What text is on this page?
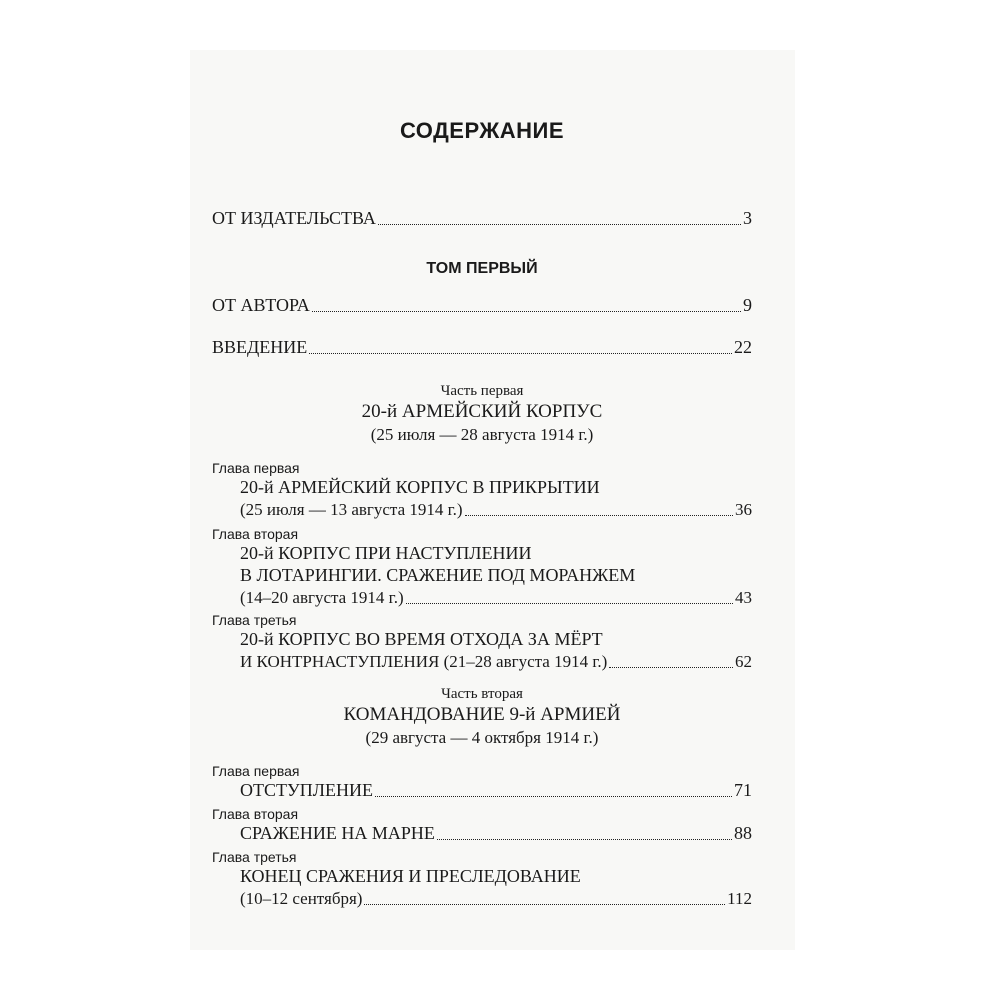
СОДЕРЖАНИЕ
ОТ ИЗДАТЕЛЬСТВА	3
ТОМ ПЕРВЫЙ
ОТ АВТОРА	9
ВВЕДЕНИЕ	22
Часть первая
20-й АРМЕЙСКИЙ КОРПУС
(25 июля — 28 августа 1914 г.)
Глава первая
20-й АРМЕЙСКИЙ КОРПУС В ПРИКРЫТИИ
(25 июля — 13 августа 1914 г.)	36
Глава вторая
20-й КОРПУС ПРИ НАСТУПЛЕНИИ
В ЛОТАРИНГИИ. СРАЖЕНИЕ ПОД МОРАНЖЕМ
(14–20 августа 1914 г.)	43
Глава третья
20-й КОРПУС ВО ВРЕМЯ ОТХОДА ЗА МЁРТ
И КОНТРНАСТУПЛЕНИЯ (21–28 августа 1914 г.)	62
Часть вторая
КОМАНДОВАНИЕ 9-й АРМИЕЙ
(29 августа — 4 октября 1914 г.)
Глава первая
ОТСТУПЛЕНИЕ	71
Глава вторая
СРАЖЕНИЕ НА МАРНЕ	88
Глава третья
КОНЕЦ СРАЖЕНИЯ И ПРЕСЛЕДОВАНИЕ
(10–12 сентября)	112
